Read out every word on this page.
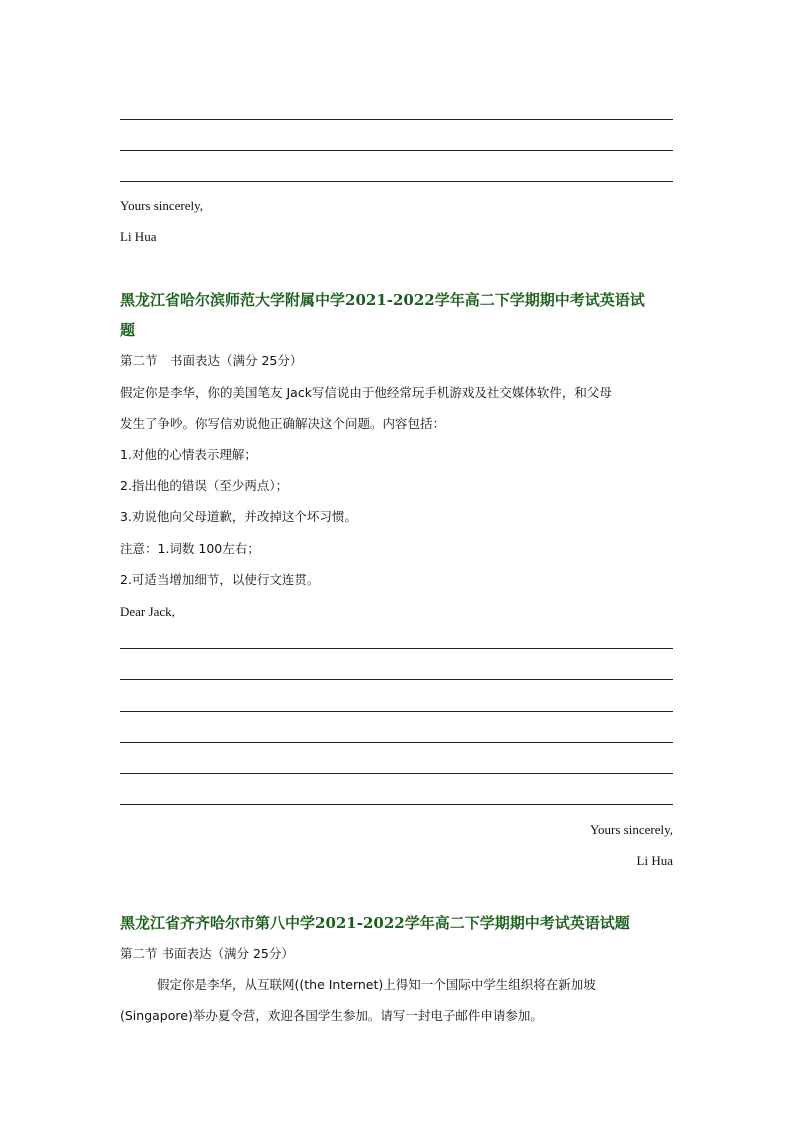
Yours sincerely,
Li Hua
黑龙江省哈尔滨师范大学附属中学2021-2022学年高二下学期期中考试英语试
题
第二节　书面表达（满分 25分）
假定你是李华，你的美国笔友 Jack写信说由于他经常玩手机游戏及社交媒体软件，和父母
发生了争吵。你写信劝说他正确解决这个问题。内容包括：
1.对他的心情表示理解；
2.指出他的错误（至少两点）；
3.劝说他向父母道歉，并改掉这个坏习惯。
注意：1.词数 100左右；
2.可适当增加细节，以使行文连贯。
Dear Jack,
Yours sincerely,
Li Hua
黑龙江省齐齐哈尔市第八中学2021-2022学年高二下学期期中考试英语试题
第二节 书面表达（满分 25分）
假定你是李华，从互联网((the Internet)上得知一个国际中学生组织将在新加坡
(Singapore)举办夏令营，欢迎各国学生参加。请写一封电子邮件申请参加。
